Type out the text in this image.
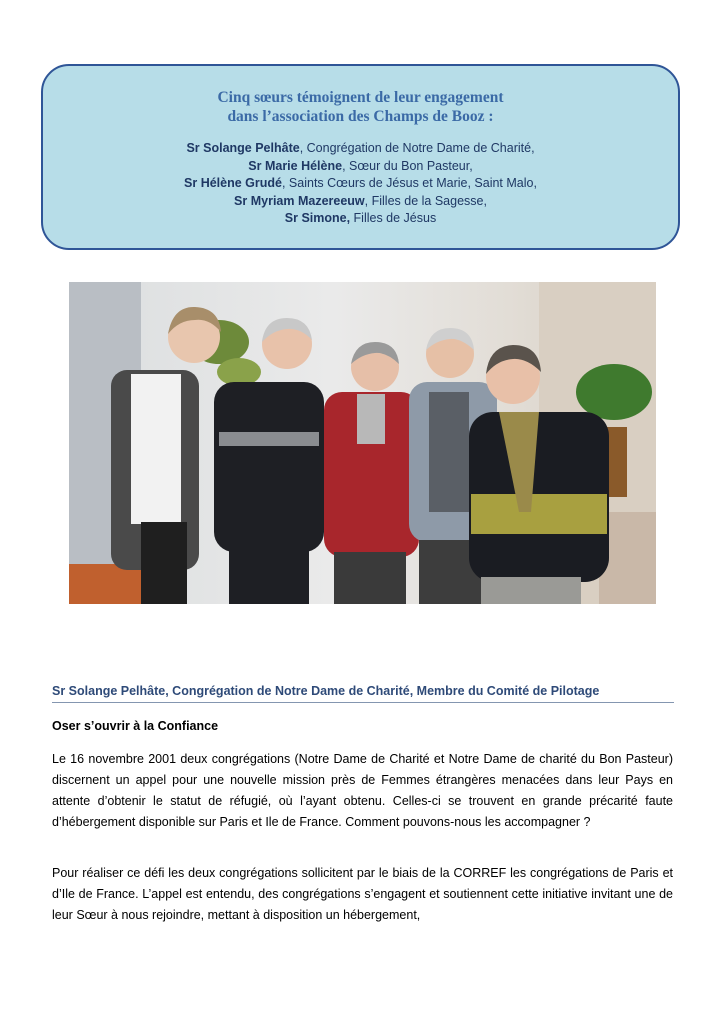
Cinq sœurs témoignent de leur engagement
dans l’association des Champs de Booz :
Sr Solange Pelhâte, Congrégation de Notre Dame de Charité,
Sr Marie Hélène, Sœur du Bon Pasteur,
Sr Hélène Grudé, Saints Cœurs de Jésus et Marie, Saint Malo,
Sr Myriam Mazereeuw, Filles de la Sagesse,
Sr Simone, Filles de Jésus
Sr Solange Pelhâte, Congrégation de Notre Dame de Charité, Membre du Comité de Pilotage
Oser s’ouvrir à la Confiance

Le 16 novembre 2001 deux congrégations (Notre Dame de Charité et Notre Dame de charité du Bon Pasteur) discernent un appel pour une nouvelle mission près de Femmes étrangères menacées dans leur Pays en attente d’obtenir le statut de réfugié, où l’ayant obtenu. Celles-ci se trouvent en grande précarité faute d’hébergement disponible sur Paris et Ile de France. Comment pouvons-nous les accompagner ?

Pour réaliser ce défi les deux congrégations sollicitent par le biais de la CORREF les congrégations de Paris et d’Ile de France. L’appel est entendu, des congrégations s’engagent et soutiennent cette initiative invitant une de leur Sœur à nous rejoindre, mettant à disposition un hébergement,
